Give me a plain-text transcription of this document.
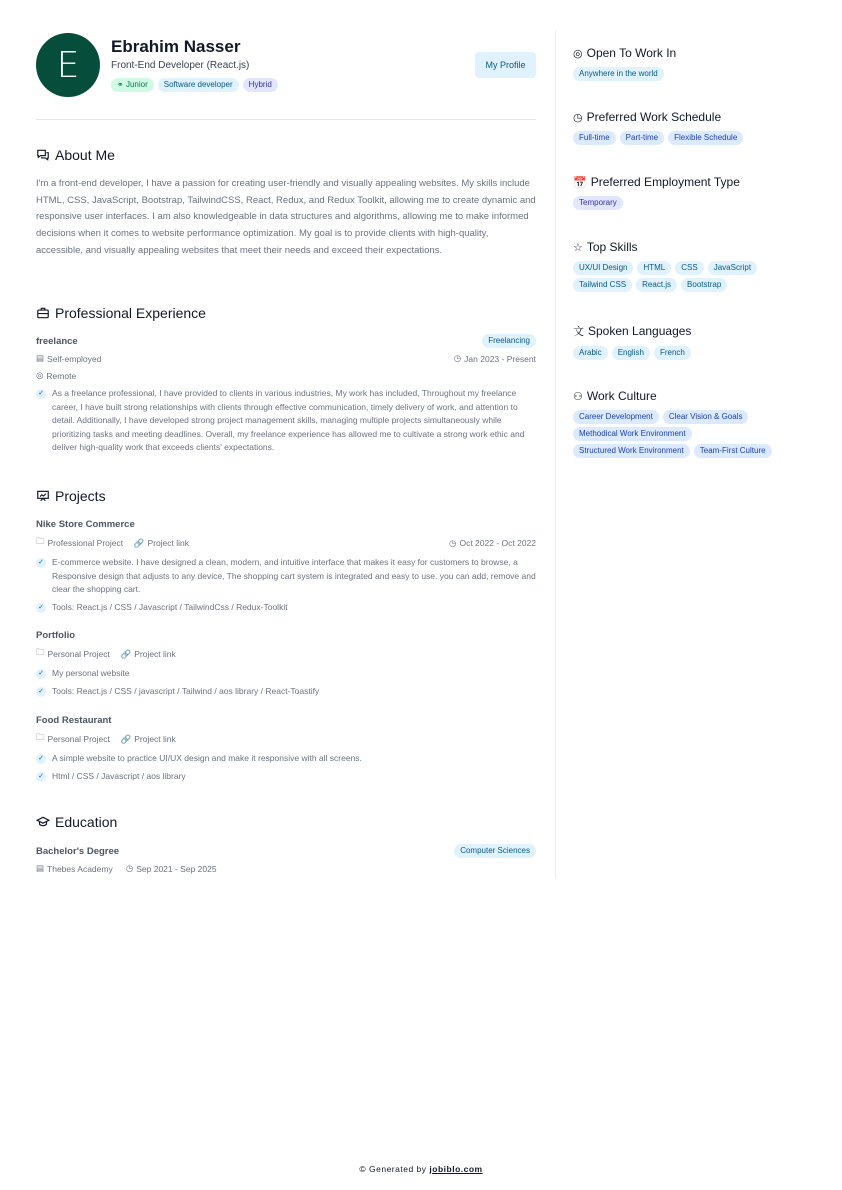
E	Ebrahim Nasser
Front-End Developer (React.js)
⚭ Junior	Software developer	Hybrid
My Profile
About Me
I'm a front-end developer, I have a passion for creating user-friendly and visually appealing websites. My skills include HTML, CSS, JavaScript, Bootstrap, TailwindCSS, React, Redux, and Redux Toolkit, allowing me to create dynamic and responsive user interfaces. I am also knowledgeable in data structures and algorithms, allowing me to make informed decisions when it comes to website performance optimization. My goal is to provide clients with high-quality, accessible, and visually appealing websites that meet their needs and exceed their expectations.
Professional Experience
freelance	Freelancing
▤ Self-employed	◷ Jan 2023 - Present
◎ Remote
✓ As a freelance professional, I have provided to clients in various industries, My work has included, Throughout my freelance career, I have built strong relationships with clients through effective communication, timely delivery of work, and attention to detail. Additionally, I have developed strong project management skills, managing multiple projects simultaneously while prioritizing tasks and meeting deadlines. Overall, my freelance experience has allowed me to cultivate a strong work ethic and deliver high-quality work that exceeds clients' expectations.
Projects
Nike Store Commerce
🗀 Professional Project
🔗 Project link	◷ Oct 2022 - Oct 2022
✓ E-commerce website. I have designed a clean, modern, and intuitive interface that makes it easy for customers to browse, a Responsive design that adjusts to any device, The shopping cart system is integrated and easy to use. you can add, remove and clear the shopping cart.
✓ Tools: React.js / CSS / Javascript / TailwindCss / Redux-Toolkit
Portfolio
🗀 Personal Project
🔗 Project link
✓ My personal website
✓ Tools: React.js / CSS / javascript / Tailwind / aos library / React-Toastify
Food Restaurant
🗀 Personal Project
🔗 Project link
✓ A simple website to practice UI/UX design and make it responsive with all screens.
✓ Html / CSS / Javascript / aos library
Education
Bachelor's Degree	Computer Sciences
▤ Thebes Academy
◷ Sep 2021 - Sep 2025
◎ Open To Work In
Anywhere in the world
◷ Preferred Work Schedule
Full-time	Part-time	Flexible Schedule
📅 Preferred Employment Type
Temporary
☆ Top Skills
UX/UI Design	HTML	CSS	JavaScript
Tailwind CSS	React.js	Bootstrap
文 Spoken Languages
Arabic	English	French
⚇ Work Culture
Career Development	Clear Vision & Goals
Methodical Work Environment
Structured Work Environment	Team-First Culture
© Generated by jobiblo.com
